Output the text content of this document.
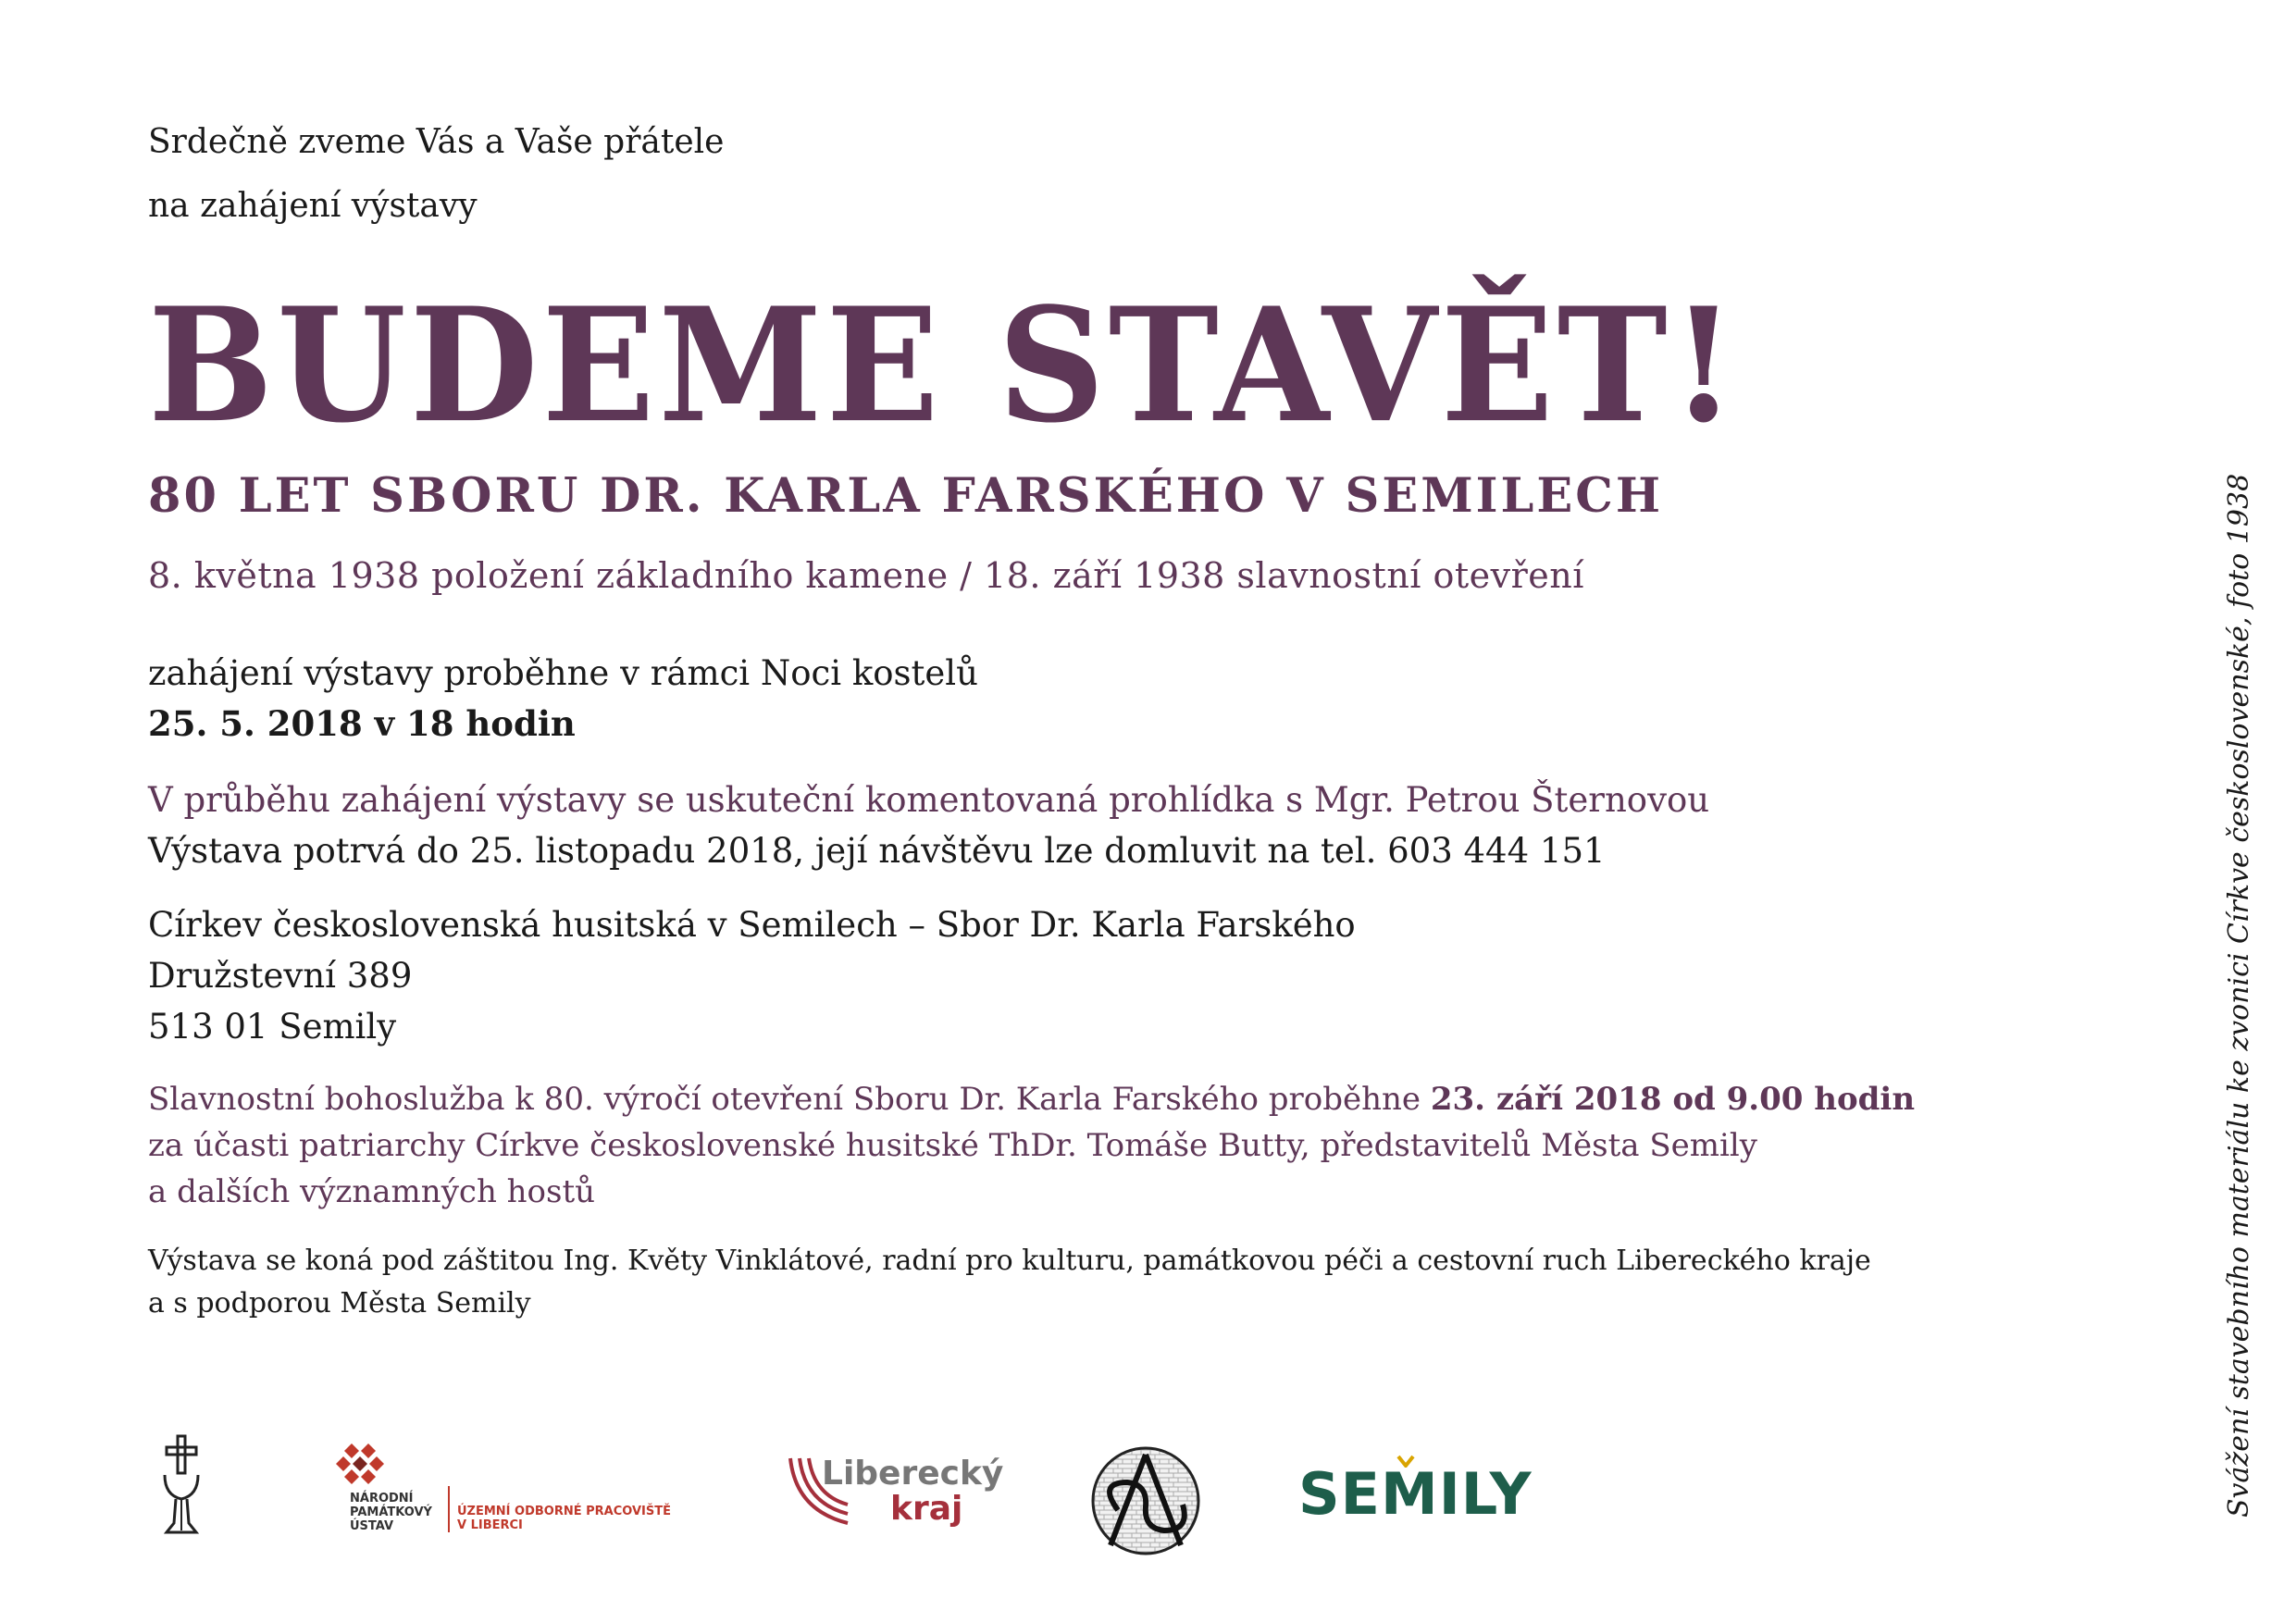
Srdečně zveme Vás a Vaše přátele
na zahájení výstavy
BUDEME STAVĚT!
80 LET SBORU DR. KARLA FARSKÉHO V SEMILECH
8. května 1938 položení základního kamene / 18. září 1938 slavnostní otevření
zahájení výstavy proběhne v rámci Noci kostelů
25. 5. 2018 v 18 hodin
V průběhu zahájení výstavy se uskuteční komentovaná prohlídka s Mgr. Petrou Šternovou
Výstava potrvá do 25. listopadu 2018, její návštěvu lze domluvit na tel. 603 444 151
Církev československá husitská v Semilech – Sbor Dr. Karla Farského
Družstevní 389
513 01 Semily
Slavnostní bohoslužba k 80. výročí otevření Sboru Dr. Karla Farského proběhne 23. září 2018 od 9.00 hodin
za účasti patriarchy Církve československé husitské ThDr. Tomáše Butty, představitelů Města Semily
a dalších významných hostů
Výstava se koná pod záštitou Ing. Květy Vinklátové, radní pro kulturu, památkovou péči a cestovní ruch Libereckého kraje
a s podporou Města Semily	Svážení stavebního materiálu ke zvonici Církve československé, foto 1938
NÁRODNÍ
PAMÁTKOVÝ
ÚSTAV
ÚZEMNÍ ODBORNÉ PRACOVIŠTĚ
V LIBERCI
Liberecký
kraj	SEMILY
